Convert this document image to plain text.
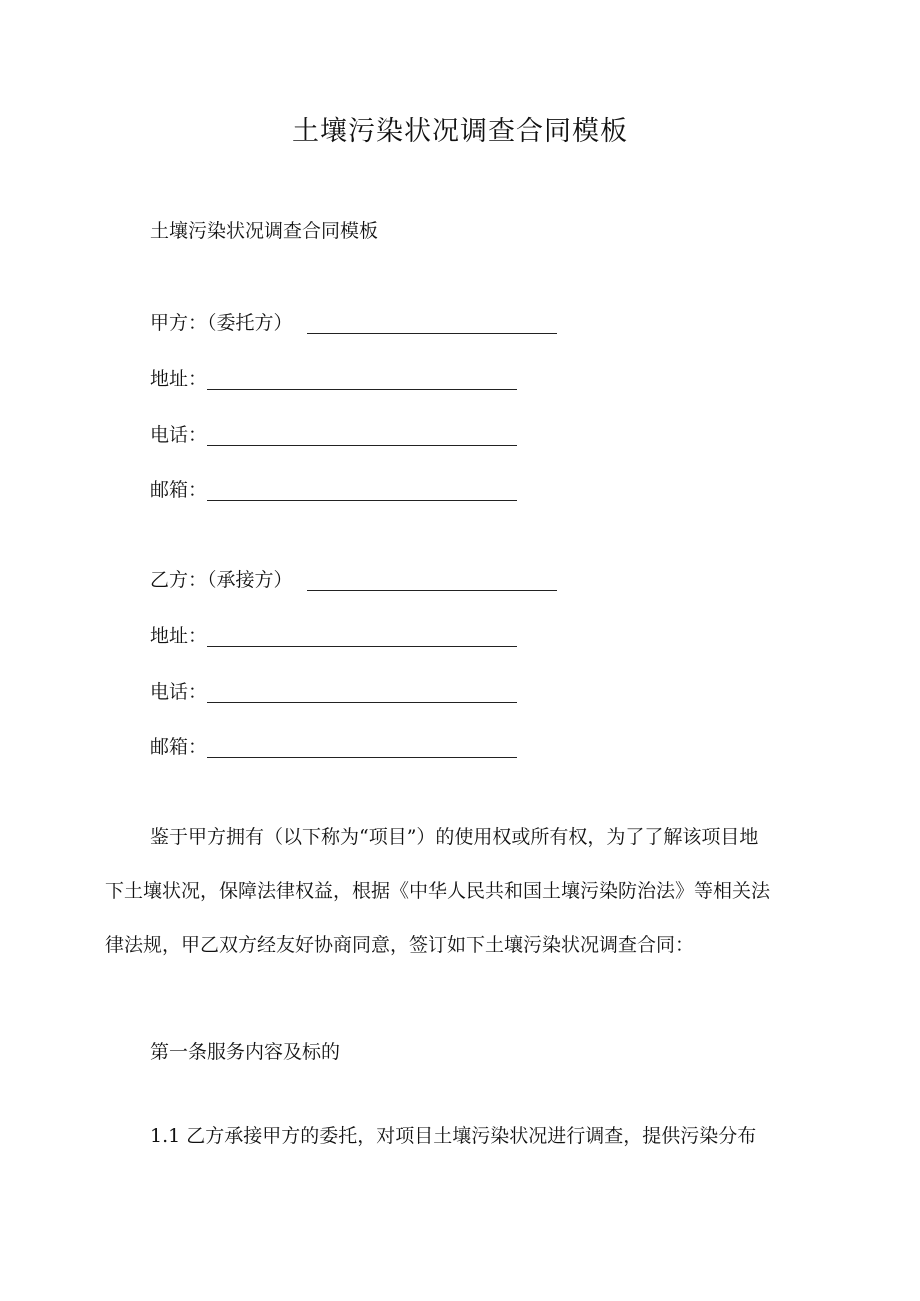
土壤污染状况调查合同模板
土壤污染状况调查合同模板
甲方：（委托方）
地址：
电话：
邮箱：
乙方：（承接方）
地址：
电话：
邮箱：

鉴于甲方拥有（以下称为“项目”）的使用权或所有权，为了了解该项目地
下土壤状况，保障法律权益，根据《中华人民共和国土壤污染防治法》等相关法
律法规，甲乙双方经友好协商同意，签订如下土壤污染状况调查合同：

第一条服务内容及标的
1.1 乙方承接甲方的委托，对项目土壤污染状况进行调查，提供污染分布
